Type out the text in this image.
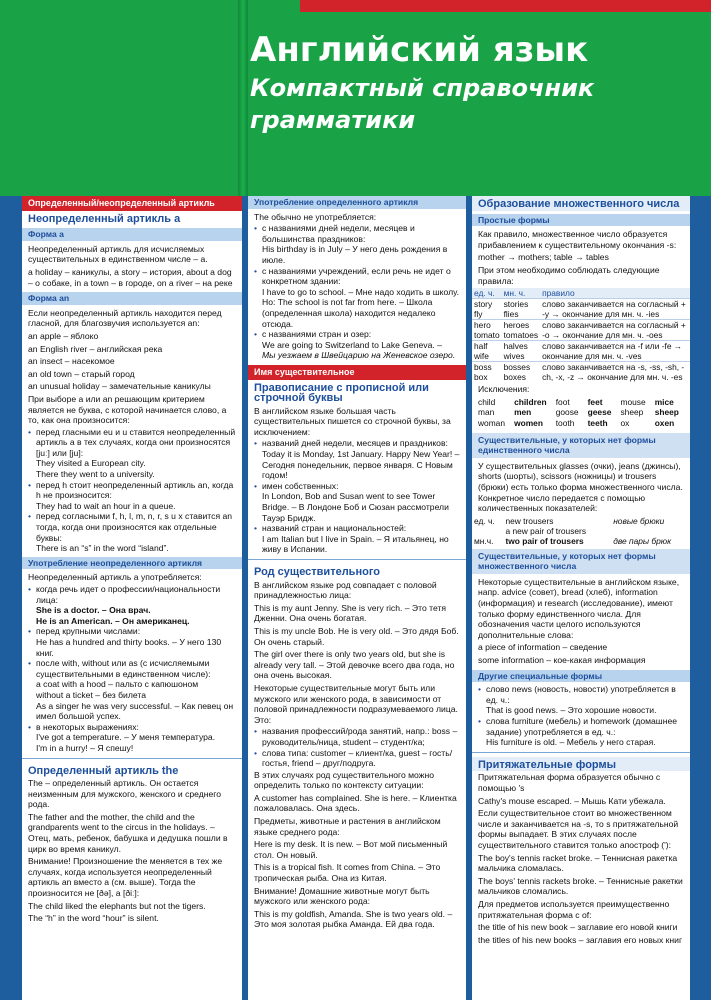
Английский язык
Компактный справочник
грамматики
Определенный/неопределенный артикль
Неопределенный артикль a
Форма a
Неопределенный артикль для исчисляемых существительных в единственном числе – a.
a holiday – каникулы, a story – история, about a dog – о собаке, in a town – в городе, on a river – на реке
Форма an
Если неопределенный артикль находится перед гласной, для благозвучия используется an:
an apple – яблоко
an English river – английская река
an insect – насекомое
an old town – старый город
an unusual holiday – замечательные каникулы
При выборе a или an решающим критерием является не буква, с которой начинается слово, а то, как она произносится:
• перед гласными eu и u ставится неопределенный артикль a в тех случаях, когда они произносятся [juː] или [ju]:
They visited a European city.
There they went to a university.
• перед h стоит неопределенный артикль an, когда h не произносится:
They had to wait an hour in a queue.
• перед согласными f, h, l, m, n, r, s u x ставится an тогда, когда они произносятся как отдельные буквы:
There is an “s” in the word “island”.
Употребление неопределенного артикля
Неопределенный артикль a употребляется:
• когда речь идет о профессии/национальности лица:
She is a doctor. – Она врач.
He is an American. – Он американец.
• перед крупными числами:
He has a hundred and thirty books. – У него 130 книг.
• после with, without или as (с исчисляемыми существительными в единственном числе):
a coat with a hood – пальто с капюшоном
without a ticket – без билета
As a singer he was very successful. – Как певец он имел большой успех.
• в некоторых выражениях:
I've got a temperature. – У меня температура.
I'm in a hurry! – Я спешу!
Определенный артикль the
The – определенный артикль. Он остается неизменным для мужского, женского и среднего рода.
The father and the mother, the child and the grandparents went to the circus in the holidays. – Отец, мать, ребенок, бабушка и дедушка пошли в цирк во время каникул.
Внимание! Произношение the меняется в тех же случаях, когда используется неопределенный артикль an вместо a (см. выше). Тогда the произносится не [ðə], а [ðiː]:
The child liked the elephants but not the tigers.
The “h” in the word “hour” is silent.
Употребление определенного артикля
The обычно не употребляется:
• с названиями дней недели, месяцев и большинства праздников:
His birthday is in July – У него день рождения в июле.
• с названиями учреждений, если речь не идет о конкретном здании:
I have to go to school. – Мне надо ходить в школу.
Но: The school is not far from here. – Школа (определенная школа) находится недалеко отсюда.
• с названиями стран и озер:
We are going to Switzerland to Lake Geneva. –
Мы уезжаем в Швейцарию на Женевское озеро.
Имя существительное
Правописание с прописной или строчной буквы
В английском языке большая часть существительных пишется со строчной буквы, за исключением:
• названий дней недели, месяцев и праздников:
Today it is Monday, 1st January. Happy New Year! – Сегодня понедельник, первое января. С Новым годом!
• имен собственных:
In London, Bob and Susan went to see Tower Bridge. – В Лондоне Боб и Сюзан рассмотрели Тауэр Бридж.
• названий стран и национальностей:
I am Italian but I live in Spain. – Я итальянец, но живу в Испании.
Род существительного
В английском языке род совпадает с половой принадлежностью лица:
This is my aunt Jenny. She is very rich. – Это тетя Дженни. Она очень богатая.
This is my uncle Bob. He is very old. – Это дядя Боб. Он очень старый.
The girl over there is only two years old, but she is already very tall. – Этой девочке всего два года, но она очень высокая.
Некоторые существительные могут быть или мужского или женского рода, в зависимости от половой принадлежности подразумеваемого лица. Это:
• названия профессий/рода занятий, напр.: boss – руководитель/ница, student – студент/ка;
• слова типа: customer – клиент/ка, guest – гость/гостья, friend – друг/подруга.
В этих случаях род существительного можно определить только по контексту ситуации:
A customer has complained. She is here. – Клиентка пожаловалась. Она здесь.
Предметы, животные и растения в английском языке среднего рода:
Here is my desk. It is new. – Вот мой письменный стол. Он новый.
This is a tropical fish. It comes from China. – Это тропическая рыба. Она из Китая.
Внимание! Домашние животные могут быть мужского или женского рода:
This is my goldfish, Amanda. She is two years old. – Это моя золотая рыбка Аманда. Ей два года.
Образование множественного числа
Простые формы
Как правило, множественное число образуется прибавлением к существительному окончания -s:
mother → mothers; table → tables
При этом необходимо соблюдать следующие правила:
ед. ч.	мн. ч.	правило
story	stories	слово заканчивается на согласный + -y → окончание для мн. ч. -ies
fly	flies	
hero	heroes	слово заканчивается на согласный + -o → окончание для мн. ч. -oes
tomato	tomatoes	
half	halves	слово заканчивается на -f или -fe → окончание для мн. ч. -ves
wife	wives	
boss	bosses	слово заканчивается на -s, -ss, -sh, -ch, -x, -z → окончание для мн. ч. -es
box	boxes	
Исключения:
child	children	foot	feet	mouse	mice
man	men	goose	geese	sheep	sheep
woman	women	tooth	teeth	ox	oxen
Существительные, у которых нет формы единственного числа
У существительных glasses (очки), jeans (джинсы), shorts (шорты), scissors (ножницы) и trousers (брюки) есть только форма множественного числа. Конкретное число передается с помощью количественных показателей:
ед. ч.	new trousers	новые брюки
	a new pair of trousers	
мн.ч.	two pair of trousers	две пары брюк
Существительные, у которых нет формы множественного числа
Некоторые существительные в английском языке, напр. advice (совет), bread (хлеб), information (информация) и research (исследование), имеют только форму единственного числа. Для обозначения части целого используются дополнительные слова:
a piece of information – сведение
some information – кое-какая информация
Другие специальные формы
• слово news (новость, новости) употребляется в ед. ч.:
That is good news. – Это хорошие новости.
• слова furniture (мебель) и homework (домашнее задание) употребляется в ед. ч.:
His furniture is old. – Мебель у него старая.
Притяжательные формы
Притяжательная форма образуется обычно с помощью 's
Cathy's mouse escaped. – Мышь Кати убежала.
Если существительное стоит во множественном числе и заканчивается на -s, то s притяжательной формы выпадает. В этих случаях после существительного ставится только апостроф ('):
The boy's tennis racket broke. – Теннисная ракетка мальчика сломалась.
The boys' tennis rackets broke. – Теннисные ракетки мальчиков сломались.
Для предметов используется преимущественно притяжательная форма с of:
the title of his new book – заглавие его новой книги
the titles of his new books – заглавия его новых книг
